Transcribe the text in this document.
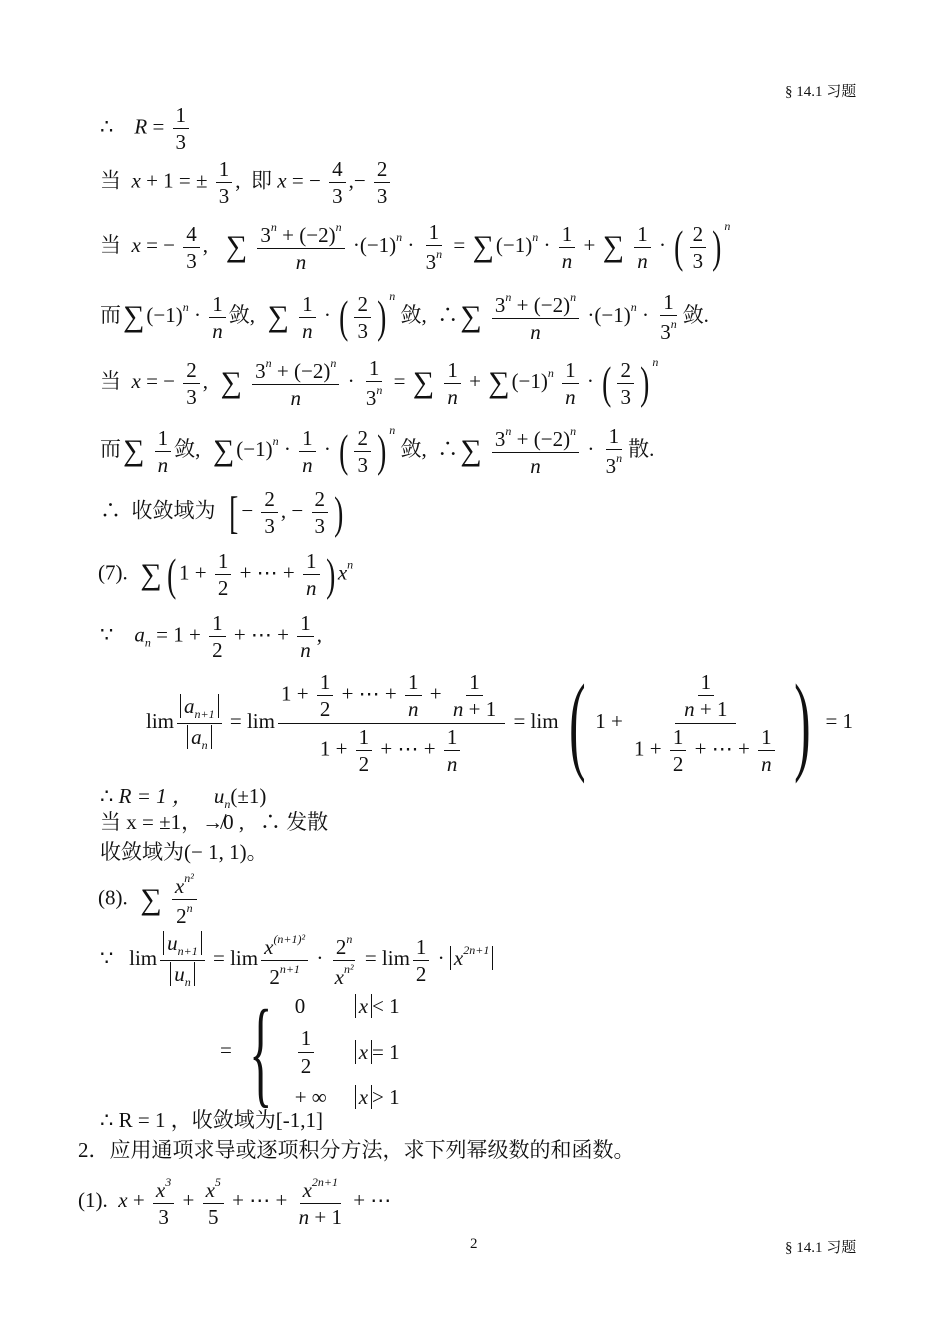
§ 14.1 习题
∴ $R = \frac{1}{3}$
当 x + 1 = ± $\frac{1}{3}$ ,  即 x = − $\frac{4}{3}$ ,− $\frac{2}{3}$
当 x = − $\frac{4}{3}$ ,   ∑ $\frac{3^n + (-2)^n}{n} \cdot(-1)^n \cdot \frac{1}{3^n} = \sum(-1)^n \cdot \frac{1}{n}$ + ∑ $\frac{1}{n}$ · ( $\frac{2}{3}$ ) $^n$
而$\sum(-1)^n \cdot \frac{1}{n}$ 敛, ∑ $\frac{1}{n}$ · ( $\frac{2}{3}$ ) $^n$ 敛, ∴∑ $\frac{3^n + (-2)^n}{n} \cdot(-1)^n \cdot \frac{1}{3^n}$ 敛.
当 x = − $\frac{2}{3}$ ,  ∑ $\frac{3^n + (-2)^n}{n} \cdot \frac{1}{3^n}$ = ∑ $\frac{1}{n} + \sum(-1)^n \frac{1}{n}$ · ( $\frac{2}{3}$ ) $^n$
而∑ $\frac{1}{n}$ 敛, $\sum(-1)^n \cdot \frac{1}{n}$ · ( $\frac{2}{3}$ ) $^n$ 敛, ∴∑ $\frac{3^n + (-2)^n}{n} \cdot \frac{1}{3^n}$ 散.
∴ 收敛域为 [ − $\frac{2}{3}$ , − $\frac{2}{3}$ )
(7). ∑ ( $1 + \frac{1}{2}$ + ⋯ + $\frac{1}{n}$ ) $x^n$
∵ $a_n = 1 + \frac{1}{2}$ + ⋯ + $\frac{1}{n}$ ,
$\lim \frac{a_{n+1}}{a_n} = \lim \frac{1 + \frac{1}{2} + \cdots + \frac{1}{n} + \frac{1}{n + 1}}{1 + \frac{1}{2} + \cdots + \frac{1}{n}} = \lim$( $1 + \frac{\frac{1}{n + 1}}{1 + \frac{1}{2} + \cdots + \frac{1}{n}}$ ) = 1
∴ R = 1 ， $u_n(\pm 1)$
当 x = ±1，↛0 , ∴ 发散
收敛域为(− 1, 1)。
(8). ∑ $\frac{x^{n^2}}{2^n}$
∵   $\lim \frac{u_{n+1}}{u_n} = \lim \frac{x^{(n+1)^2}}{2^{n+1}} \cdot \frac{2^n}{x^{n^2}} = \lim \frac{1}{2} \cdot x^{2n+1}$
= { 0	x < 1
$\frac{1}{2}$ x = 1
+ ∞	x > 1
∴ R = 1 ，收敛域为[-1,1]
2．应用通项求导或逐项积分方法，求下列幂级数的和函数。
(1). $x + \frac{x^3}{3} + \frac{x^5}{5}$ + ⋯ + $\frac{x^{2n+1}}{n + 1}$ + ⋯
2	§ 14.1 习题
